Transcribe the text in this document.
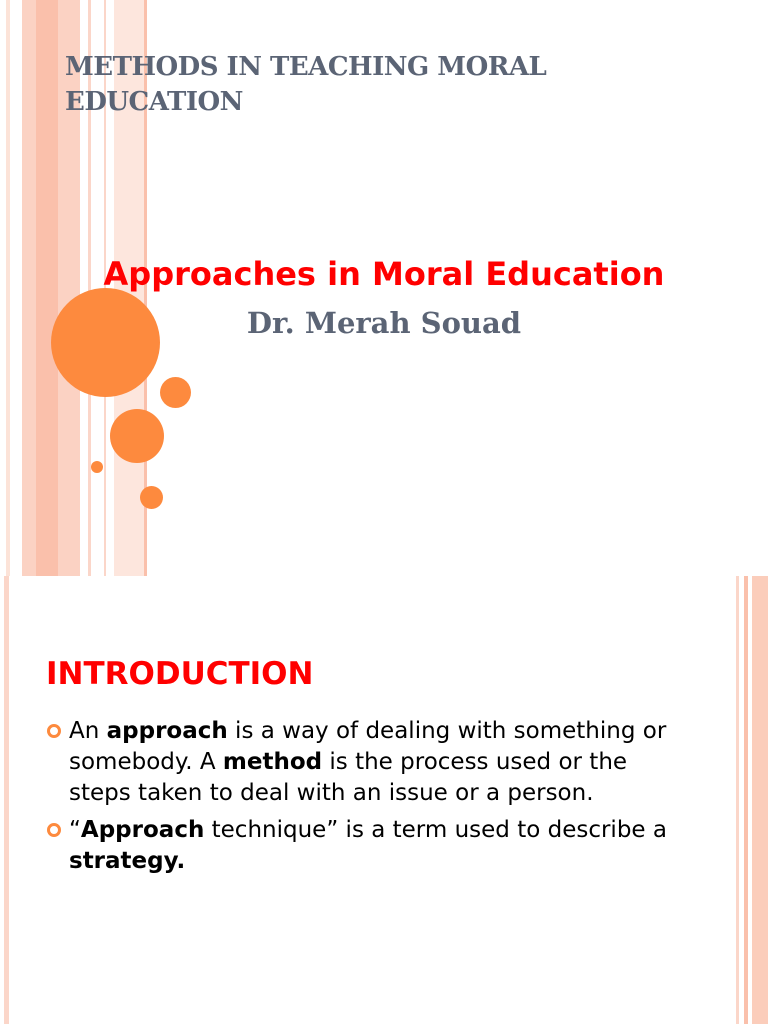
METHODS IN TEACHING MORAL EDUCATION
Approaches in Moral Education

Dr. Merah Souad

INTRODUCTION
An approach is a way of dealing with something or somebody. A method is the process used or the steps taken to deal with an issue or a person.
“Approach technique” is a term used to describe a strategy.
